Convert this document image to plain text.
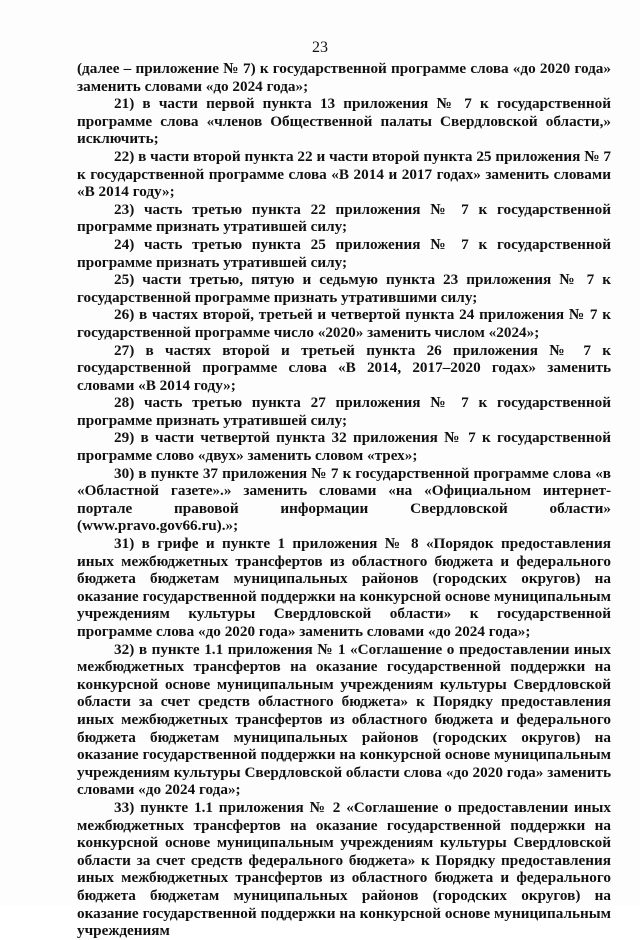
23

(далее – приложение № 7) к государственной программе слова «до 2020 года» заменить словами «до 2024 года»;

21) в части первой пункта 13 приложения № 7 к государственной программе слова «членов Общественной палаты Свердловской области,» исключить;

22) в части второй пункта 22 и части второй пункта 25 приложения № 7 к государственной программе слова «В 2014 и 2017 годах» заменить словами «В 2014 году»;

23) часть третью пункта 22 приложения № 7 к государственной программе признать утратившей силу;

24) часть третью пункта 25 приложения № 7 к государственной программе признать утратившей силу;

25) части третью, пятую и седьмую пункта 23 приложения № 7 к государственной программе признать утратившими силу;

26) в частях второй, третьей и четвертой пункта 24 приложения № 7 к государственной программе число «2020» заменить числом «2024»;

27) в частях второй и третьей пункта 26 приложения № 7 к государственной программе слова «В 2014, 2017–2020 годах» заменить словами «В 2014 году»;

28) часть третью пункта 27 приложения № 7 к государственной программе признать утратившей силу;

29) в части четвертой пункта 32 приложения № 7 к государственной программе слово «двух» заменить словом «трех»;

30) в пункте 37 приложения № 7 к государственной программе слова «в «Областной газете».» заменить словами «на «Официальном интернет-портале правовой информации Свердловской области» (www.pravo.gov66.ru).»;

31) в грифе и пункте 1 приложения № 8 «Порядок предоставления иных межбюджетных трансфертов из областного бюджета и федерального бюджета бюджетам муниципальных районов (городских округов) на оказание государственной поддержки на конкурсной основе муниципальным учреждениям культуры Свердловской области» к государственной программе слова «до 2020 года» заменить словами «до 2024 года»;

32) в пункте 1.1 приложения № 1 «Соглашение о предоставлении иных межбюджетных трансфертов на оказание государственной поддержки на конкурсной основе муниципальным учреждениям культуры Свердловской области за счет средств областного бюджета» к Порядку предоставления иных межбюджетных трансфертов из областного бюджета и федерального бюджета бюджетам муниципальных районов (городских округов) на оказание государственной поддержки на конкурсной основе муниципальным учреждениям культуры Свердловской области слова «до 2020 года» заменить словами «до 2024 года»;

33) пункте 1.1 приложения № 2 «Соглашение о предоставлении иных межбюджетных трансфертов на оказание государственной поддержки на конкурсной основе муниципальным учреждениям культуры Свердловской области за счет средств федерального бюджета» к Порядку предоставления иных межбюджетных трансфертов из областного бюджета и федерального бюджета бюджетам муниципальных районов (городских округов) на оказание государственной поддержки на конкурсной основе муниципальным учреждениям
